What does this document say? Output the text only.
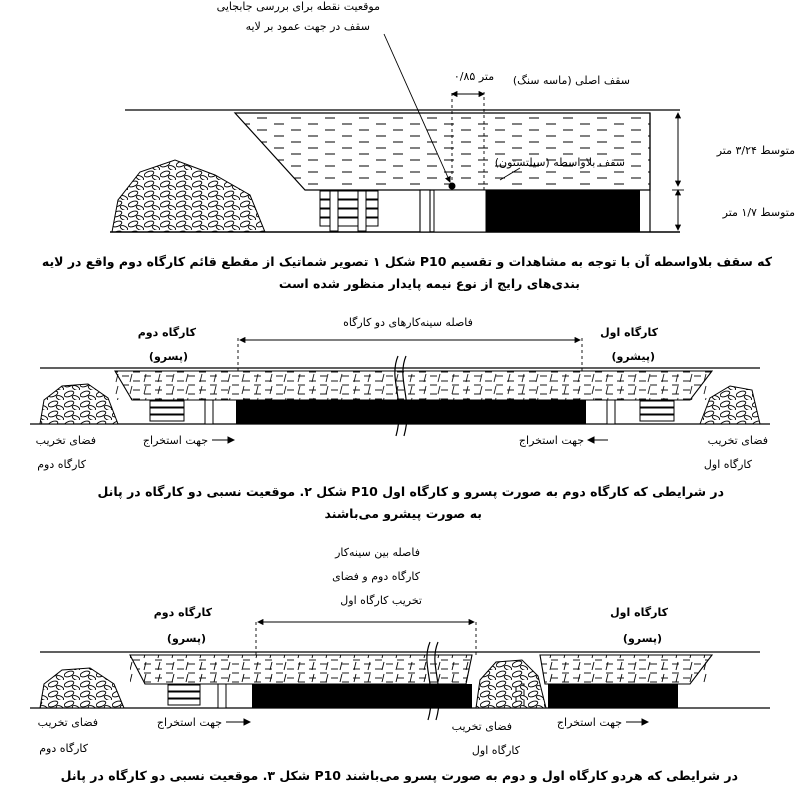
موقعیت نقطه برای بررسی جابجایی
سقف در جهت عمود بر لایه
۰/۸۵ متر سقف اصلی (ماسه سنگ)
سقف بلاواسطه (سیلتستون)
متوسط ۳/۲۴ متر
متوسط ۱/۷ متر
شکل ۱ تصویر شماتیک از مقطع قائم کارگاه دوم واقع در لایه P10 که سقف بلاواسطه آن با توجه به مشاهدات و تقسیم
بندی‌های رایج از نوع نیمه پایدار منظور شده است
فاصله سینه‌کارهای دو کارگاه
کارگاه دوم
(پسرو)
کارگاه اول
(پیشرو)
فضای تخریب
کارگاه دوم
فضای تخریب
کارگاه اول
جهت استخراج	جهت استخراج
شکل ۲. موقعیت نسبی دو کارگاه در پانل P10 در شرایطی که کارگاه دوم به صورت پسرو و کارگاه اول
به صورت پیشرو می‌باشند
فاصله بین سینه‌کار
کارگاه دوم و فضای
تخریب کارگاه اول
کارگاه دوم
(پسرو)
کارگاه اول
(پسرو)
فضای تخریب
کارگاه دوم
فضای تخریب
کارگاه اول
جهت استخراج	جهت استخراج
شکل ۳. موقعیت نسبی دو کارگاه در پانل P10 در شرایطی که هردو کارگاه اول و دوم به صورت پسرو می‌باشند
